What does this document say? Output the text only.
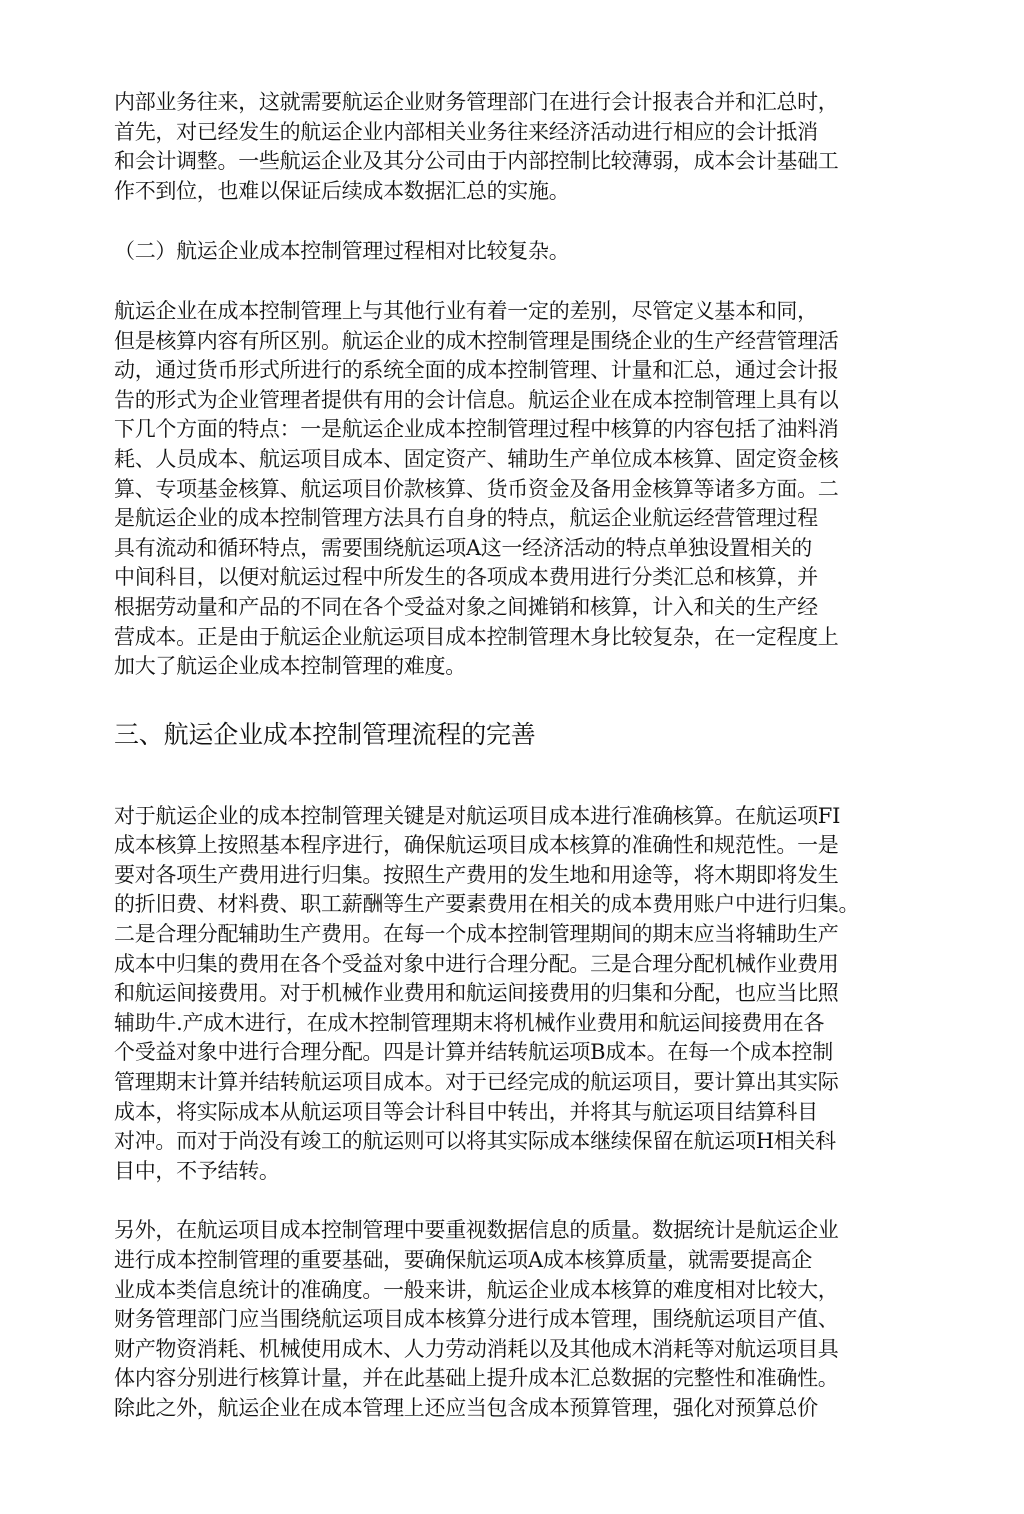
内部业务往来，这就需要航运企业财务管理部门在进行会计报表合并和汇总时，
首先，对已经发生的航运企业内部相关业务往来经济活动进行相应的会计抵消
和会计调整。一些航运企业及其分公司由于内部控制比较薄弱，成本会计基础工
作不到位，也难以保证后续成本数据汇总的实施。
（二）航运企业成本控制管理过程相对比较复杂。
航运企业在成本控制管理上与其他行业有着一定的差别，尽管定义基本和同，
但是核算内容有所区别。航运企业的成木控制管理是围绕企业的生产经营管理活
动，通过货币形式所进行的系统全面的成本控制管理、计量和汇总，通过会计报
告的形式为企业管理者提供有用的会计信息。航运企业在成本控制管理上具有以
下几个方面的特点：一是航运企业成本控制管理过程中核算的内容包括了油料消
耗、人员成本、航运项目成本、固定资产、辅助生产单位成本核算、固定资金核
算、专项基金核算、航运项目价款核算、货币资金及备用金核算等诸多方面。二
是航运企业的成本控制管理方法具冇自身的特点，航运企业航运经营管理过程
具有流动和循环特点，需要围绕航运项A这一经济活动的特点单独设置相关的
中间科目，以便对航运过程中所发生的各项成本费用进行分类汇总和核算，并
根据劳动量和产品的不同在各个受益对象之间摊销和核算，计入和关的生产经
营成本。正是由于航运企业航运项目成本控制管理木身比较复杂，在一定程度上
加大了航运企业成本控制管理的难度。
三、航运企业成本控制管理流程的完善
对于航运企业的成本控制管理关键是对航运项目成本进行准确核算。在航运项FI
成本核算上按照基本程序进行，确保航运项目成本核算的准确性和规范性。一是
要对各项生产费用进行归集。按照生产费用的发生地和用途等，将木期即将发生
的折旧费、材料费、职工薪酬等生产要素费用在相关的成本费用账户中进行归集。
二是合理分配辅助生产费用。在每一个成本控制管理期间的期末应当将辅助生产
成本中归集的费用在各个受益对象中进行合理分配。三是合理分配机械作业费用
和航运间接费用。对于机械作业费用和航运间接费用的归集和分配，也应当比照
辅助牛.产成木进行，在成木控制管理期末将机械作业费用和航运间接费用在各
个受益对象中进行合理分配。四是计算并结转航运项B成本。在每一个成本控制
管理期末计算并结转航运项目成本。对于已经完成的航运项目，要计算出其实际
成本，将实际成本从航运项目等会计科目中转出，并将其与航运项目结算科目
对冲。而对于尚没有竣工的航运则可以将其实际成本继续保留在航运项H相关科
目中，不予结转。
另外，在航运项目成本控制管理中要重视数据信息的质量。数据统计是航运企业
进行成本控制管理的重要基础，要确保航运项A成本核算质量，就需要提高企
业成本类信息统计的准确度。一般来讲，航运企业成本核算的难度相对比较大，
财务管理部门应当围绕航运项目成本核算分进行成本管理，围绕航运项目产值、
财产物资消耗、机械使用成木、人力劳动消耗以及其他成木消耗等对航运项目具
体内容分别进行核算计量，并在此基础上提升成本汇总数据的完整性和准确性。
除此之外，航运企业在成本管理上还应当包含成本预算管理，强化对预算总价
